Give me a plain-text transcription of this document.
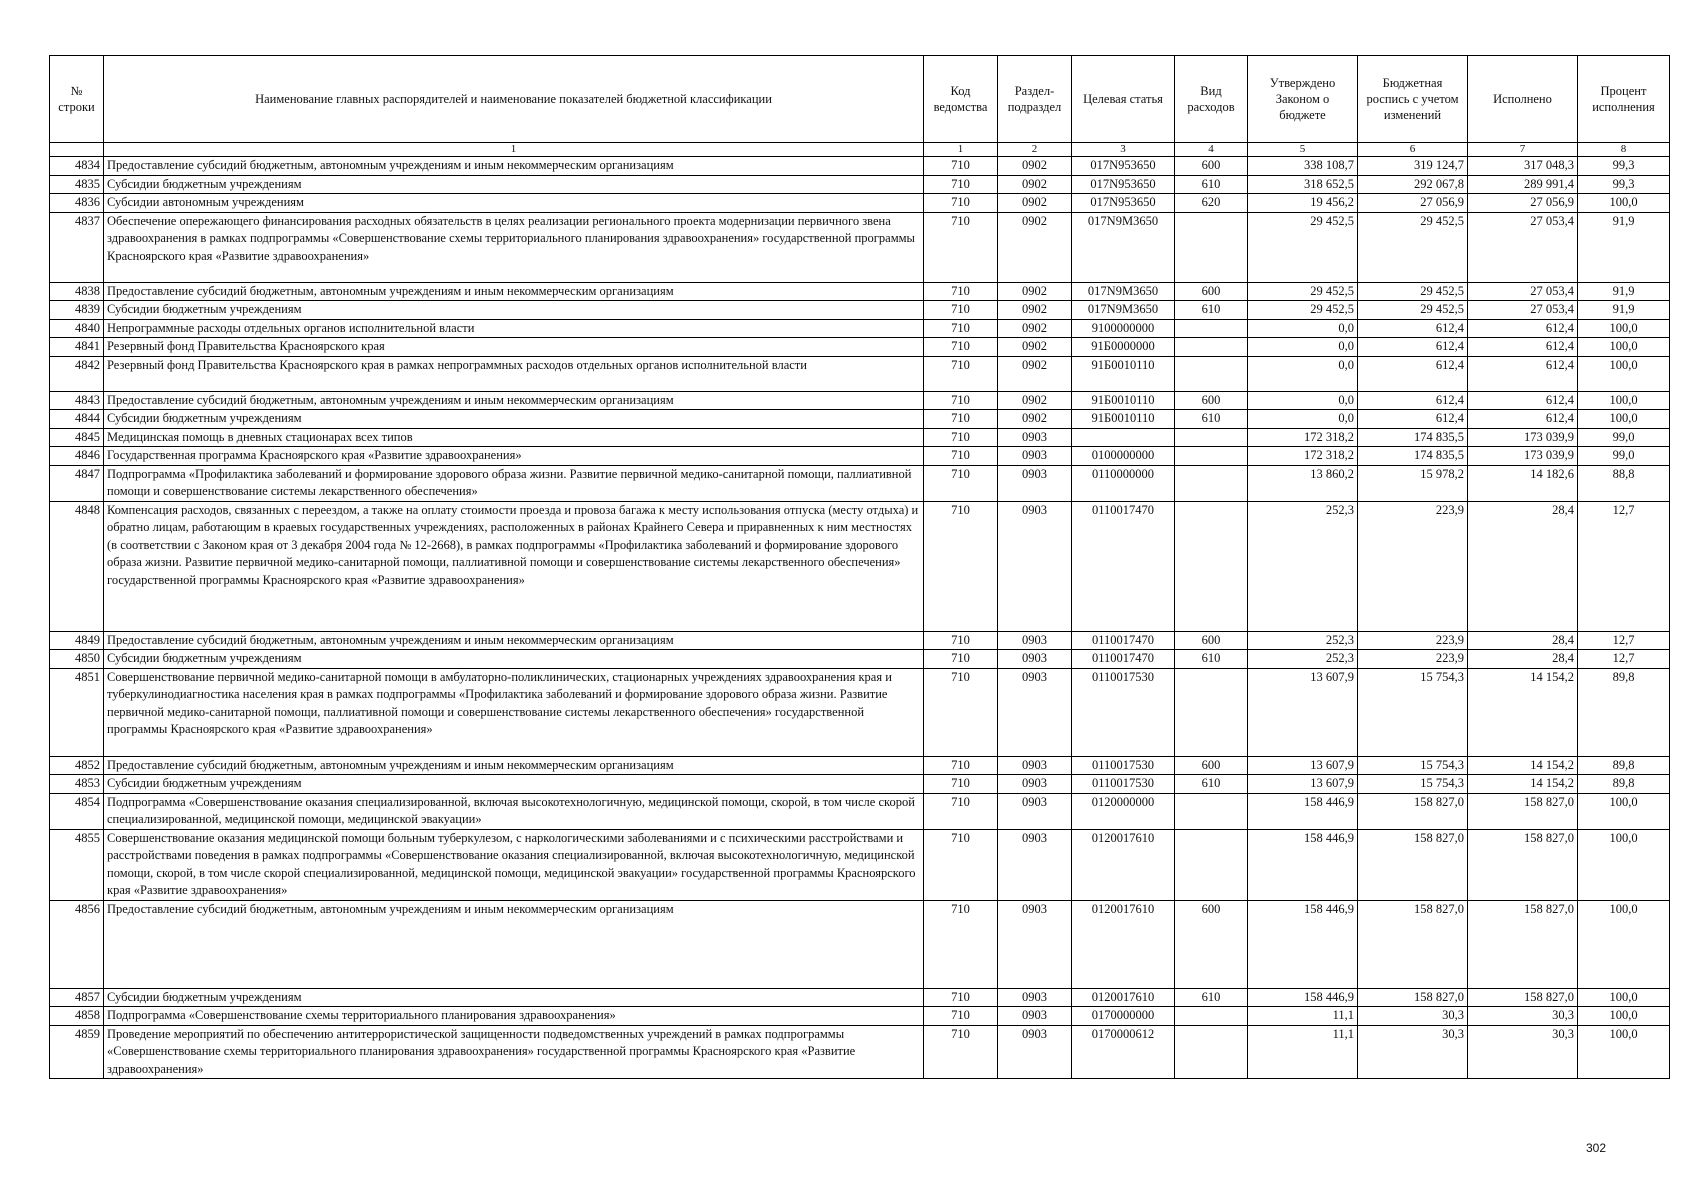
№ строки	Наименование главных распорядителей и наименование показателей бюджетной классификации	Код ведомства	Раздел-подраздел	Целевая статья	Вид расходов	Утверждено Законом о бюджете	Бюджетная роспись с учетом изменений	Исполнено	Процент исполнения
	1	1	2	3	4	5	6	7	8
4834	Предоставление субсидий бюджетным, автономным учреждениям и иным некоммерческим организациям	710	0902	017N953650	600	338 108,7	319 124,7	317 048,3	99,3
4835	Субсидии бюджетным учреждениям	710	0902	017N953650	610	318 652,5	292 067,8	289 991,4	99,3
4836	Субсидии автономным учреждениям	710	0902	017N953650	620	19 456,2	27 056,9	27 056,9	100,0
4837	Обеспечение опережающего финансирования расходных обязательств в целях реализации регионального проекта модернизации первичного звена здравоохранения в рамках подпрограммы «Совершенствование схемы территориального планирования здравоохранения» государственной программы Красноярского края «Развитие здравоохранения»	710	0902	017N9M3650		29 452,5	29 452,5	27 053,4	91,9
4838	Предоставление субсидий бюджетным, автономным учреждениям и иным некоммерческим организациям	710	0902	017N9M3650	600	29 452,5	29 452,5	27 053,4	91,9
4839	Субсидии бюджетным учреждениям	710	0902	017N9M3650	610	29 452,5	29 452,5	27 053,4	91,9
4840	Непрограммные расходы отдельных органов исполнительной власти	710	0902	9100000000		0,0	612,4	612,4	100,0
4841	Резервный фонд Правительства Красноярского края	710	0902	91Б0000000		0,0	612,4	612,4	100,0
4842	Резервный фонд Правительства Красноярского края в рамках непрограммных расходов отдельных органов исполнительной власти	710	0902	91Б0010110		0,0	612,4	612,4	100,0
4843	Предоставление субсидий бюджетным, автономным учреждениям и иным некоммерческим организациям	710	0902	91Б0010110	600	0,0	612,4	612,4	100,0
4844	Субсидии бюджетным учреждениям	710	0902	91Б0010110	610	0,0	612,4	612,4	100,0
4845	Медицинская помощь в дневных стационарах всех типов	710	0903			172 318,2	174 835,5	173 039,9	99,0
4846	Государственная программа Красноярского края «Развитие здравоохранения»	710	0903	0100000000		172 318,2	174 835,5	173 039,9	99,0
4847	Подпрограмма «Профилактика заболеваний и формирование здорового образа жизни. Развитие первичной медико-санитарной помощи, паллиативной помощи и совершенствование системы лекарственного обеспечения»	710	0903	0110000000		13 860,2	15 978,2	14 182,6	88,8
4848	Компенсация расходов, связанных с переездом, а также на оплату стоимости проезда и провоза багажа к месту использования отпуска (месту отдыха) и обратно лицам, работающим в краевых государственных учреждениях, расположенных в районах Крайнего Севера и приравненных к ним местностях (в соответствии с Законом края от 3 декабря 2004 года № 12-2668), в рамках подпрограммы «Профилактика заболеваний и формирование здорового образа жизни. Развитие первичной медико-санитарной помощи, паллиативной помощи и совершенствование системы лекарственного обеспечения» государственной программы Красноярского края «Развитие здравоохранения»	710	0903	0110017470		252,3	223,9	28,4	12,7
4849	Предоставление субсидий бюджетным, автономным учреждениям и иным некоммерческим организациям	710	0903	0110017470	600	252,3	223,9	28,4	12,7
4850	Субсидии бюджетным учреждениям	710	0903	0110017470	610	252,3	223,9	28,4	12,7
4851	Совершенствование первичной медико-санитарной помощи в амбулаторно-поликлинических, стационарных учреждениях здравоохранения края и туберкулинодиагностика населения края в рамках подпрограммы «Профилактика заболеваний и формирование здорового образа жизни. Развитие первичной медико-санитарной помощи, паллиативной помощи и совершенствование системы лекарственного обеспечения» государственной программы Красноярского края «Развитие здравоохранения»	710	0903	0110017530		13 607,9	15 754,3	14 154,2	89,8
4852	Предоставление субсидий бюджетным, автономным учреждениям и иным некоммерческим организациям	710	0903	0110017530	600	13 607,9	15 754,3	14 154,2	89,8
4853	Субсидии бюджетным учреждениям	710	0903	0110017530	610	13 607,9	15 754,3	14 154,2	89,8
4854	Подпрограмма «Совершенствование оказания специализированной, включая высокотехнологичную, медицинской помощи, скорой, в том числе скорой специализированной, медицинской помощи, медицинской эвакуации»	710	0903	0120000000		158 446,9	158 827,0	158 827,0	100,0
4855	Совершенствование оказания медицинской помощи больным туберкулезом, с наркологическими заболеваниями и с психическими расстройствами и расстройствами поведения в рамках подпрограммы «Совершенствование оказания специализированной, включая высокотехнологичную, медицинской помощи, скорой, в том числе скорой специализированной, медицинской помощи, медицинской эвакуации» государственной программы Красноярского края «Развитие здравоохранения»	710	0903	0120017610		158 446,9	158 827,0	158 827,0	100,0
4856	Предоставление субсидий бюджетным, автономным учреждениям и иным некоммерческим организациям	710	0903	0120017610	600	158 446,9	158 827,0	158 827,0	100,0
4857	Субсидии бюджетным учреждениям	710	0903	0120017610	610	158 446,9	158 827,0	158 827,0	100,0
4858	Подпрограмма «Совершенствование схемы территориального планирования здравоохранения»	710	0903	0170000000		11,1	30,3	30,3	100,0
4859	Проведение мероприятий по обеспечению антитеррористической защищенности подведомственных учреждений в рамках подпрограммы «Совершенствование схемы территориального планирования здравоохранения» государственной программы Красноярского края «Развитие здравоохранения»	710	0903	0170000612		11,1	30,3	30,3	100,0
302
